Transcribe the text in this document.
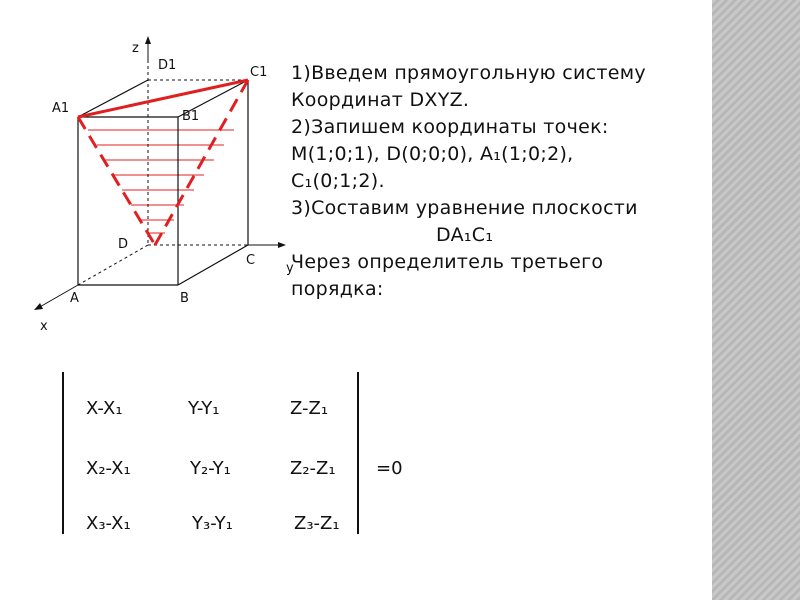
z
D1	C1
A1
B1
D
C
y
A	B
x
1)Введем прямоугольную систему
Координат DXYZ.
2)Запишем координаты точек:
M(1;0;1), D(0;0;0), A₁(1;0;2),
C₁(0;1;2).
3)Составим уравнение плоскости
DA₁C₁
Через определитель третьего
порядка:
X-X₁	Y-Y₁	Z-Z₁
X₂-X₁	Y₂-Y₁	Z₂-Z₁
X₃-X₁	Y₃-Y₁	Z₃-Z₁
=0
